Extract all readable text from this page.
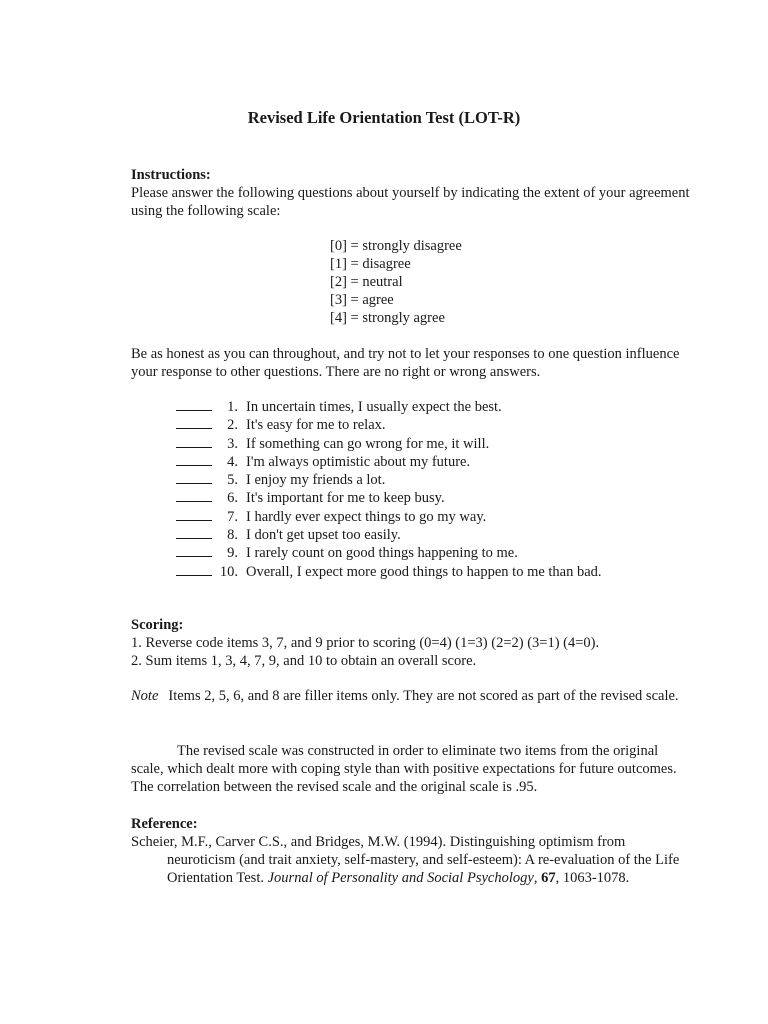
Revised Life Orientation Test (LOT-R)
Instructions:
Please answer the following questions about yourself by indicating the extent of your agreement using the following scale:
[0] = strongly disagree
[1] = disagree
[2] = neutral
[3] = agree
[4] = strongly agree
Be as honest as you can throughout, and try not to let your responses to one question influence your response to other questions. There are no right or wrong answers.
1. In uncertain times, I usually expect the best.
2. It's easy for me to relax.
3. If something can go wrong for me, it will.
4. I'm always optimistic about my future.
5. I enjoy my friends a lot.
6. It's important for me to keep busy.
7. I hardly ever expect things to go my way.
8. I don't get upset too easily.
9. I rarely count on good things happening to me.
10. Overall, I expect more good things to happen to me than bad.
Scoring:
1. Reverse code items 3, 7, and 9 prior to scoring (0=4) (1=3) (2=2) (3=1) (4=0).
2. Sum items 1, 3, 4, 7, 9, and 10 to obtain an overall score.
Note Items 2, 5, 6, and 8 are filler items only. They are not scored as part of the revised scale.
The revised scale was constructed in order to eliminate two items from the original scale, which dealt more with coping style than with positive expectations for future outcomes. The correlation between the revised scale and the original scale is .95.
Reference:
Scheier, M.F., Carver C.S., and Bridges, M.W. (1994). Distinguishing optimism from neuroticism (and trait anxiety, self-mastery, and self-esteem): A re-evaluation of the Life Orientation Test. Journal of Personality and Social Psychology, 67, 1063-1078.
